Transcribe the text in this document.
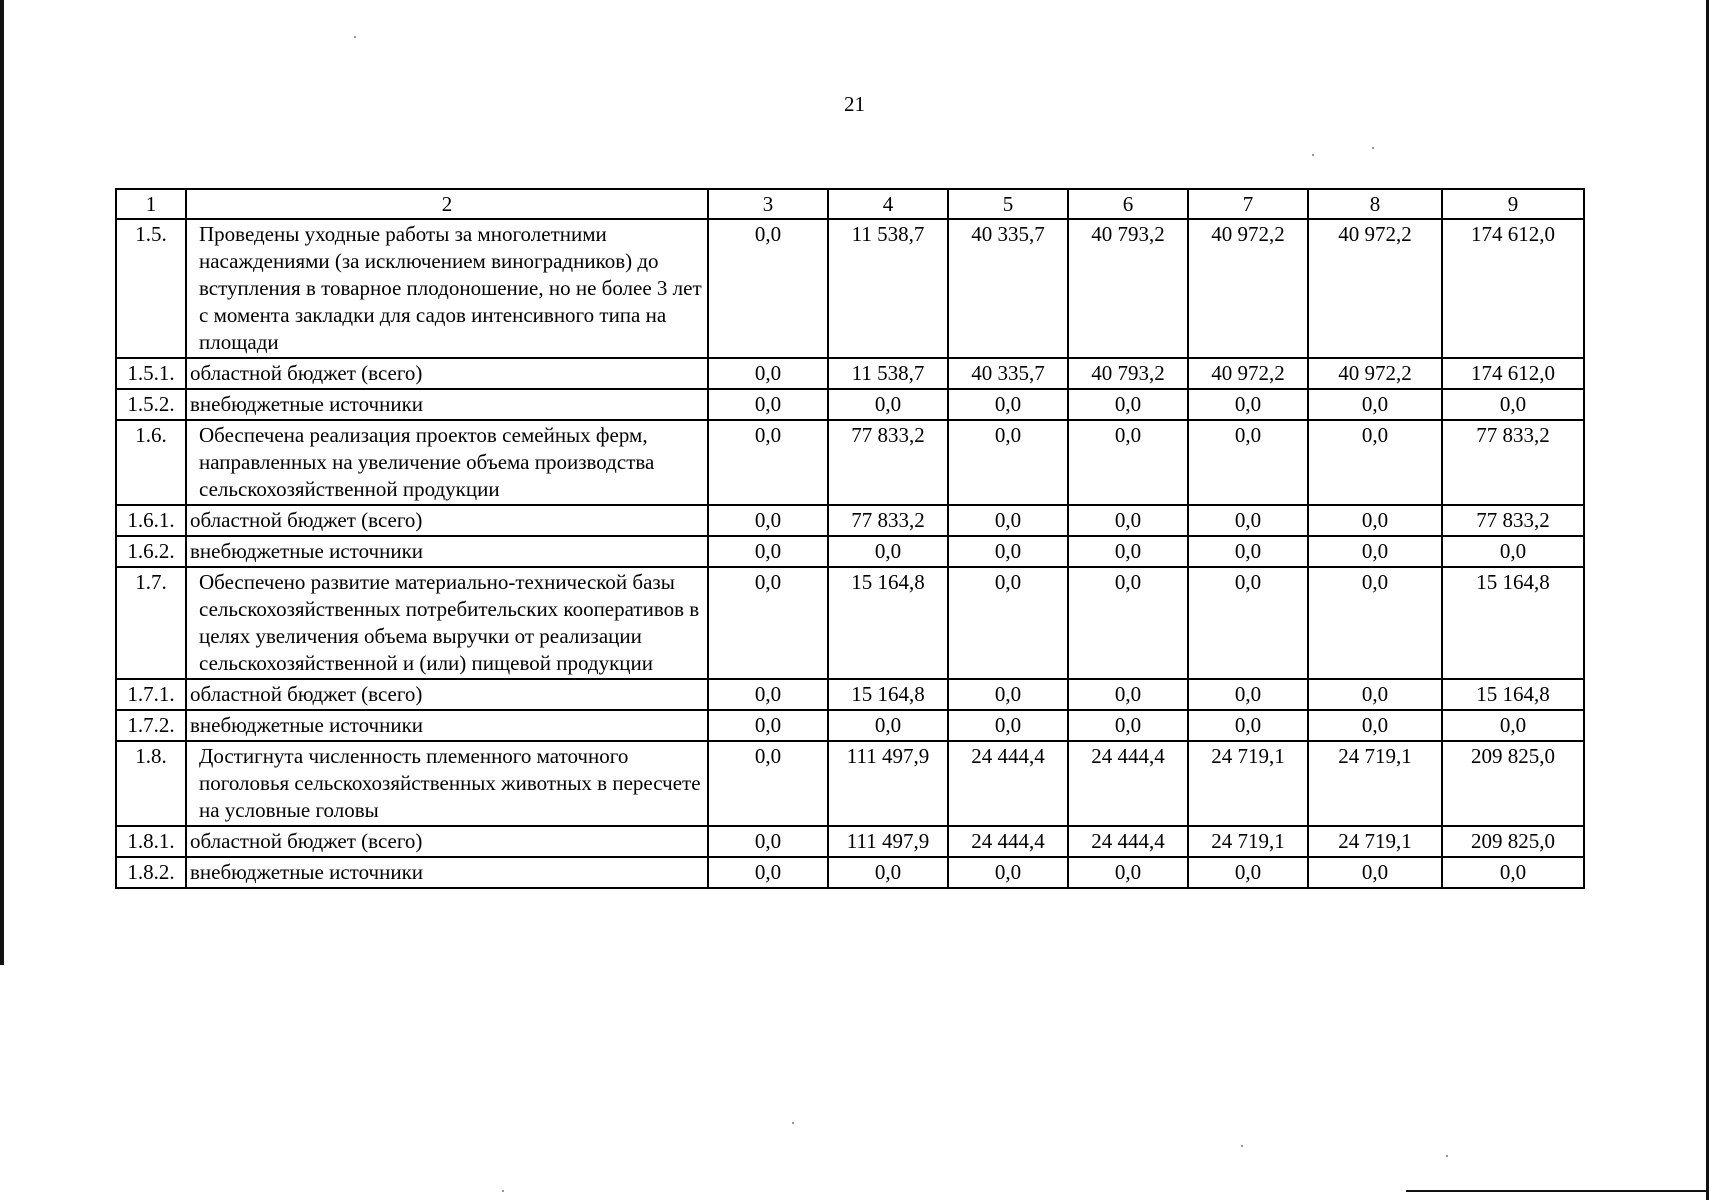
21
1	2	3	4	5	6	7	8	9
1.5.	Проведены уходные работы за многолетними насаждениями (за исключением виноградников) до вступления в товарное плодоношение, но не более 3 лет с момента закладки для садов интенсивного типа на площади	0,0	11 538,7	40 335,7	40 793,2	40 972,2	40 972,2	174 612,0
1.5.1.	областной бюджет (всего)	0,0	11 538,7	40 335,7	40 793,2	40 972,2	40 972,2	174 612,0
1.5.2.	внебюджетные источники	0,0	0,0	0,0	0,0	0,0	0,0	0,0
1.6.	Обеспечена реализация проектов семейных ферм, направленных на увеличение объема производства сельскохозяйственной продукции	0,0	77 833,2	0,0	0,0	0,0	0,0	77 833,2
1.6.1.	областной бюджет (всего)	0,0	77 833,2	0,0	0,0	0,0	0,0	77 833,2
1.6.2.	внебюджетные источники	0,0	0,0	0,0	0,0	0,0	0,0	0,0
1.7.	Обеспечено развитие материально-технической базы сельскохозяйственных потребительских кооперативов в целях увеличения объема выручки от реализации сельскохозяйственной и (или) пищевой продукции	0,0	15 164,8	0,0	0,0	0,0	0,0	15 164,8
1.7.1.	областной бюджет (всего)	0,0	15 164,8	0,0	0,0	0,0	0,0	15 164,8
1.7.2.	внебюджетные источники	0,0	0,0	0,0	0,0	0,0	0,0	0,0
1.8.	Достигнута численность племенного маточного поголовья сельскохозяйственных животных в пересчете на условные головы	0,0	111 497,9	24 444,4	24 444,4	24 719,1	24 719,1	209 825,0
1.8.1.	областной бюджет (всего)	0,0	111 497,9	24 444,4	24 444,4	24 719,1	24 719,1	209 825,0
1.8.2.	внебюджетные источники	0,0	0,0	0,0	0,0	0,0	0,0	0,0
